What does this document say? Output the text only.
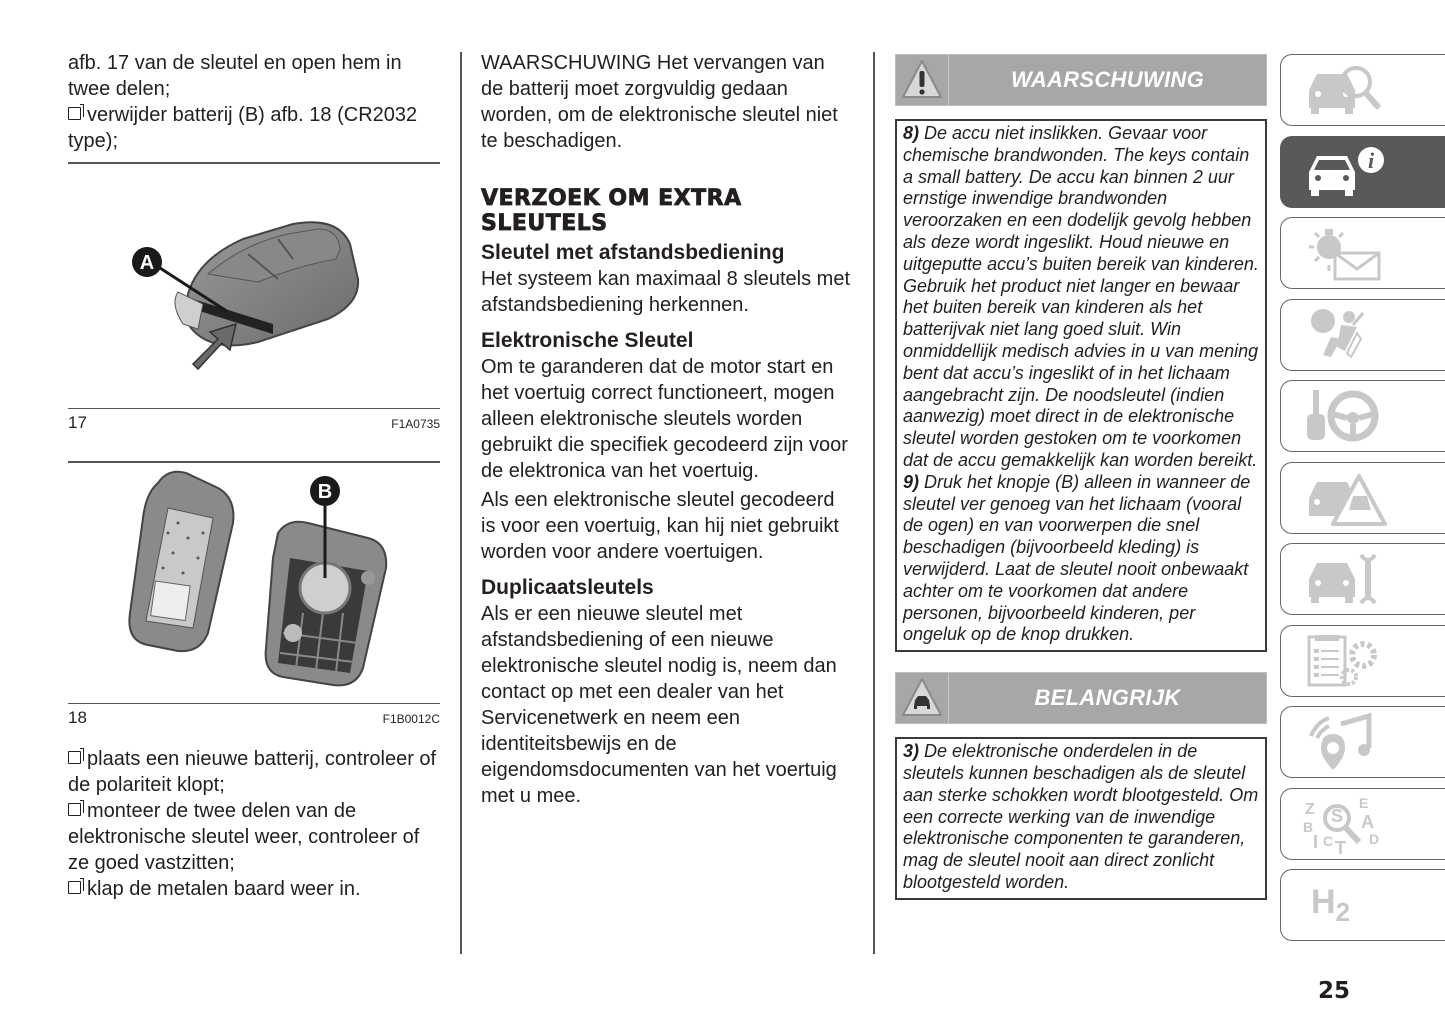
afb. 17 van de sleutel en open hem in twee delen;

verwijder batterij (B) afb. 18 (CR2032 type);

A
17	F1A0735
B
18	F1B0012C

plaats een nieuwe batterij, controleer of de polariteit klopt;

monteer de twee delen van de elektronische sleutel weer, controleer of ze goed vastzitten;

klap de metalen baard weer in.

WAARSCHUWING Het vervangen van de batterij moet zorgvuldig gedaan worden, om de elektronische sleutel niet te beschadigen.

VERZOEK OM EXTRA SLEUTELS
Sleutel met afstandsbediening

Het systeem kan maximaal 8 sleutels met afstandsbediening herkennen.

Elektronische Sleutel

Om te garanderen dat de motor start en het voertuig correct functioneert, mogen alleen elektronische sleutels worden gebruikt die specifiek gecodeerd zijn voor de elektronica van het voertuig.

Als een elektronische sleutel gecodeerd is voor een voertuig, kan hij niet gebruikt worden voor andere voertuigen.

Duplicaatsleutels

Als er een nieuwe sleutel met afstandsbediening of een nieuwe elektronische sleutel nodig is, neem dan contact op met een dealer van het Servicenetwerk en neem een identiteitsbewijs en de eigendomsdocumenten van het voertuig met u mee.

WAARSCHUWING
8) De accu niet inslikken. Gevaar voor chemische brandwonden. The keys contain a small battery. De accu kan binnen 2 uur ernstige inwendige brandwonden veroorzaken en een dodelijk gevolg hebben als deze wordt ingeslikt. Houd nieuwe en uitgeputte accu’s buiten bereik van kinderen. Gebruik het product niet langer en bewaar het buiten bereik van kinderen als het batterijvak niet lang goed sluit. Win onmiddellijk medisch advies in u van mening bent dat accu’s ingeslikt of in het lichaam aangebracht zijn. De noodsleutel (indien aanwezig) moet direct in de elektronische sleutel worden gestoken om te voorkomen dat de accu gemakkelijk kan worden bereikt.
9) Druk het knopje (B) alleen in wanneer de sleutel ver genoeg van het lichaam (vooral de ogen) en van voorwerpen die snel beschadigen (bijvoorbeeld kleding) is verwijderd. Laat de sleutel nooit onbewaakt achter om te voorkomen dat andere personen, bijvoorbeeld kinderen, per ongeluk op de knop drukken.
BELANGRIJK
3) De elektronische onderdelen in de sleutels kunnen beschadigen als de sleutel aan sterke schokken wordt blootgesteld. Om een correcte werking van de inwendige elektronische componenten te garanderen, mag de sleutel nooit aan direct zonlicht blootgesteld worden.
i
Z	E
B
S A
I C T D
$H_2$
25
